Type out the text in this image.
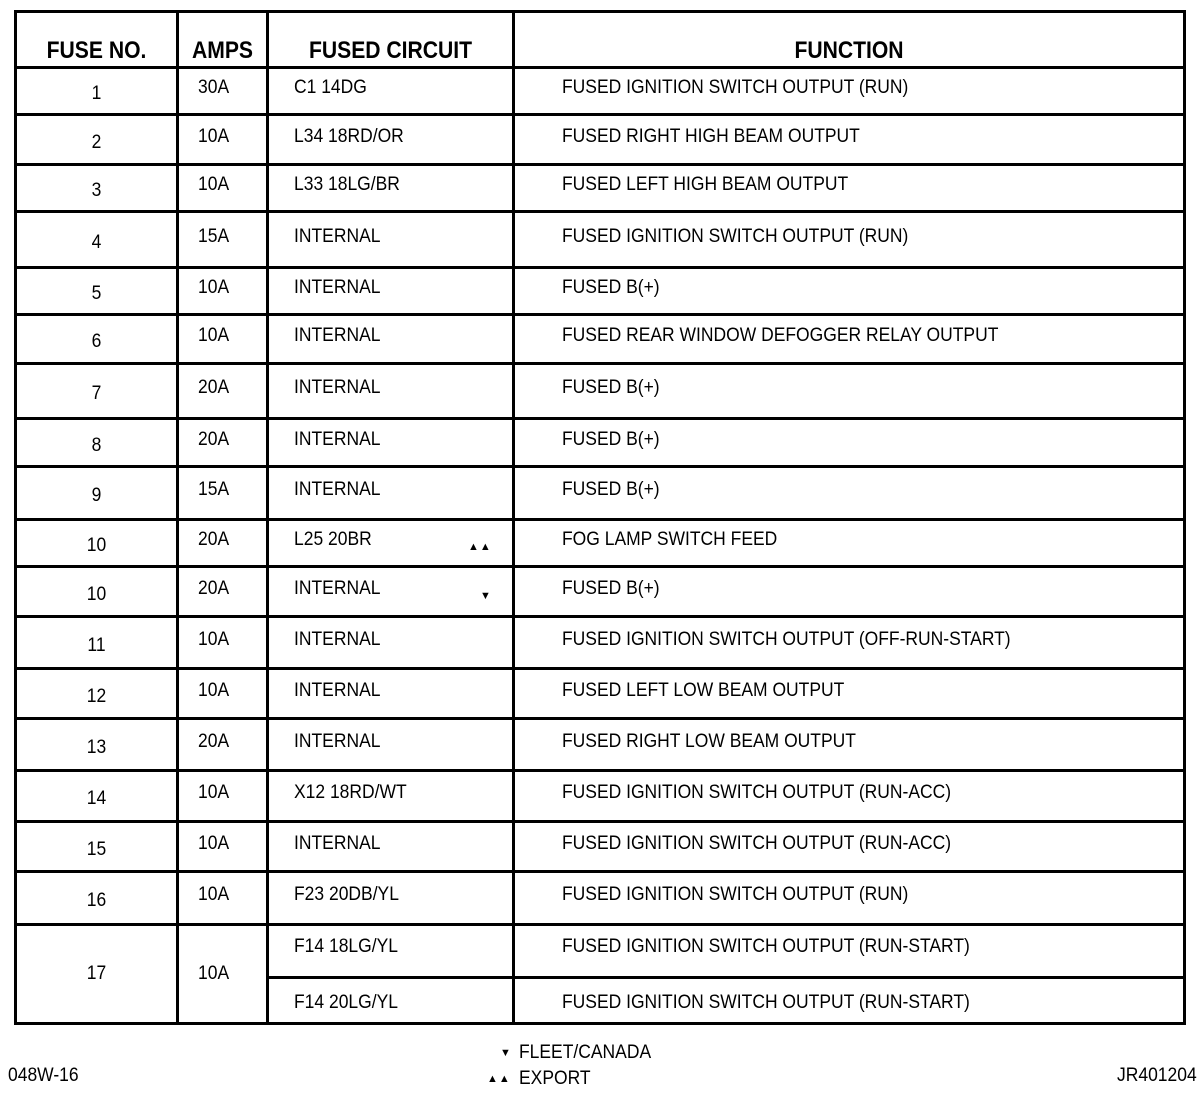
FUSE NO.	AMPS	FUSED CIRCUIT	FUNCTION
1	30A	C1 14DG	FUSED IGNITION SWITCH OUTPUT (RUN)
2	10A	L34 18RD/OR	FUSED RIGHT HIGH BEAM OUTPUT
3	10A	L33 18LG/BR	FUSED LEFT HIGH BEAM OUTPUT
4	15A	INTERNAL	FUSED IGNITION SWITCH OUTPUT (RUN)
5	10A	INTERNAL	FUSED B(+)
6	10A	INTERNAL	FUSED REAR WINDOW DEFOGGER RELAY OUTPUT
7	20A	INTERNAL	FUSED B(+)
8	20A	INTERNAL	FUSED B(+)
9	15A	INTERNAL	FUSED B(+)
10	20A	L25 20BR	FOG LAMP SWITCH FEED
▲▲
10	20A	INTERNAL	FUSED B(+)
▼
11	10A	INTERNAL	FUSED IGNITION SWITCH OUTPUT (OFF-RUN-START)
12	10A	INTERNAL	FUSED LEFT LOW BEAM OUTPUT
13	20A	INTERNAL	FUSED RIGHT LOW BEAM OUTPUT
14	10A	X12 18RD/WT	FUSED IGNITION SWITCH OUTPUT (RUN-ACC)
15	10A	INTERNAL	FUSED IGNITION SWITCH OUTPUT (RUN-ACC)
16	10A	F23 20DB/YL	FUSED IGNITION SWITCH OUTPUT (RUN)
17	10A
F14 18LG/YL	FUSED IGNITION SWITCH OUTPUT (RUN-START)
F14 20LG/YL	FUSED IGNITION SWITCH OUTPUT (RUN-START)
048W-16
▼ FLEET/CANADA
▲▲ EXPORT	JR401204
